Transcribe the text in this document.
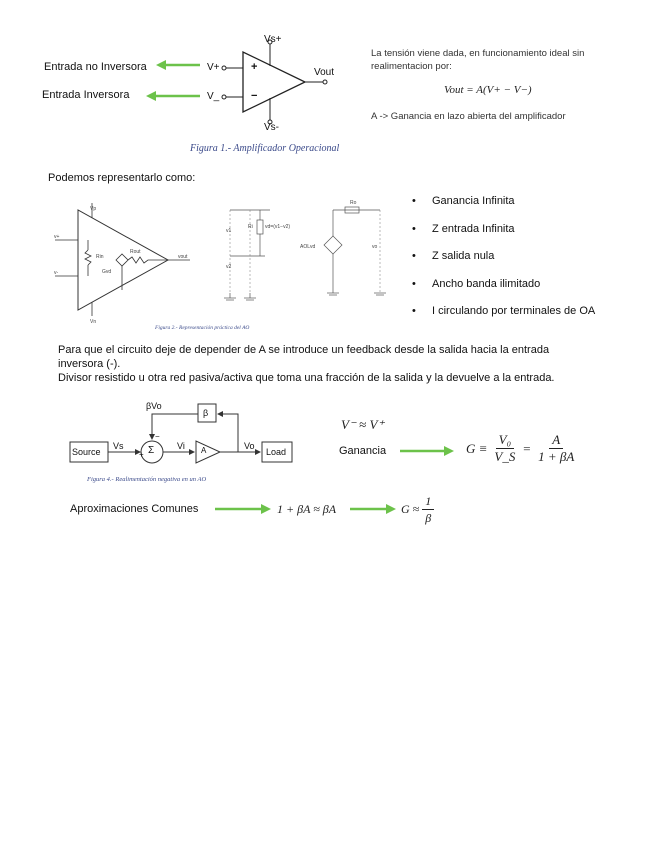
Entrada no Inversora
Entrada Inversora
Vs+
Vs-
V+
V_
Vout
+
−
Figura 1.- Amplificador Operacional
La tensión viene dada, en funcionamiento ideal sin
realimentacion por:
Vout = A(V+ − V−)
A -> Ganancia en lazo abierta del amplificador
Podemos representarlo como:
Vp
Vn
v+
v-
vout
Rin
Rout
Gvd
v1
v2
Ri vd=(v1−v2)
Ro
AOLvd	vo
Figura 2.- Representación práctica del AO
• Ganancia Infinita
• Z entrada Infinita
• Z salida nula
• Ancho banda ilimitado
• I circulando por terminales de OA
Para que el circuito deje de depender de A se introduce un feedback desde la salida hacia la entrada
inversora (-).
Divisor resistido u otra red pasiva/activa que toma una fracción de la salida y la devuelve a la entrada.
Source	Load
Vs	Vi	Vo
βVo
β
A
Σ
+
−
Figura 4.- Realimentación negativa en un AO
V⁻ ≈ V⁺
Ganancia	$G \equiv \frac{\text{V₀}}{V\_S} = \frac{A}{1 + \beta A}$
Aproximaciones Comunes	1 + βA ≈ βA	$G \approx \frac{1}{\beta}$
